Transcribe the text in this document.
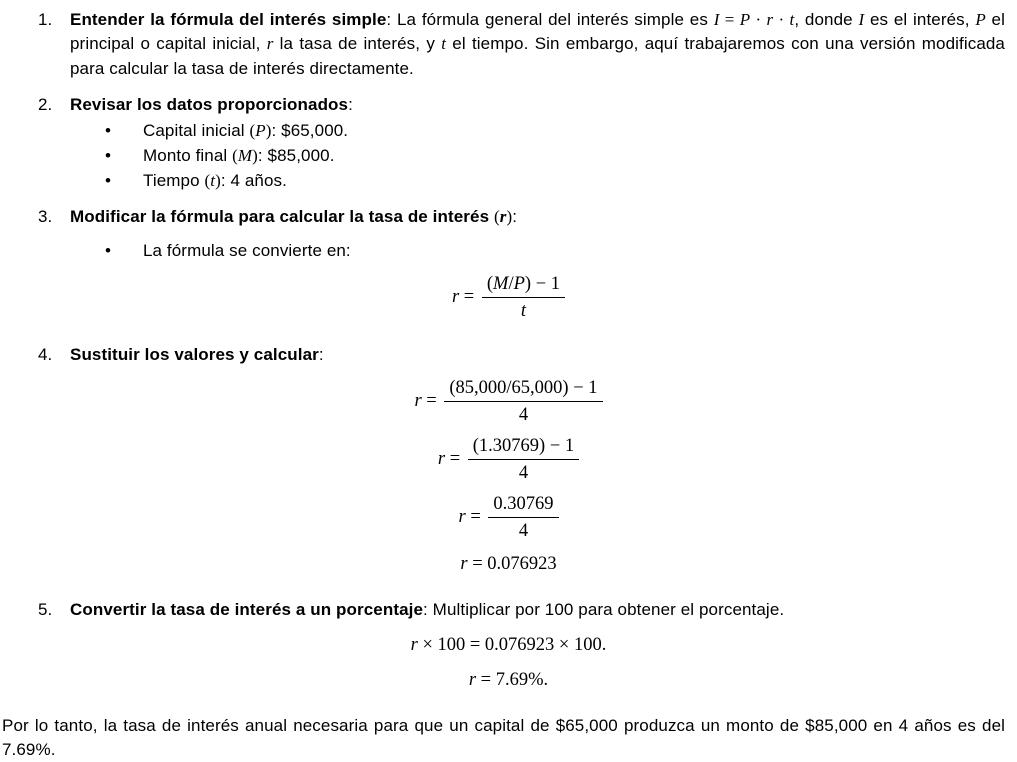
1.	Entender la fórmula del interés simple: La fórmula general del interés simple es I = P · r · t, donde I es el interés, P el principal o capital inicial, r la tasa de interés, y t el tiempo. Sin embargo, aquí trabajaremos con una versión modificada para calcular la tasa de interés directamente.

2.	Revisar los datos proporcionados:

•	Capital inicial (P): $65,000.
•	Monto final (M): $85,000.
•	Tiempo (t): 4 años.
3.	Modificar la fórmula para calcular la tasa de interés (r):

•	La fórmula se convierte en:
$r = \frac{(M/P) - 1}{t}$
4.	Sustituir los valores y calcular:

$r = \frac{(85,000/65,000) - 1}{4}$
$r = \frac{(1.30769) - 1}{4}$
$r = \frac{0.30769}{4}$
r = 0.076923
5.	Convertir la tasa de interés a un porcentaje: Multiplicar por 100 para obtener el porcentaje.

r × 100 = 0.076923 × 100.
r = 7.69%.

Por lo tanto, la tasa de interés anual necesaria para que un capital de $65,000 produzca un monto de $85,000 en 4 años es del 7.69%.
